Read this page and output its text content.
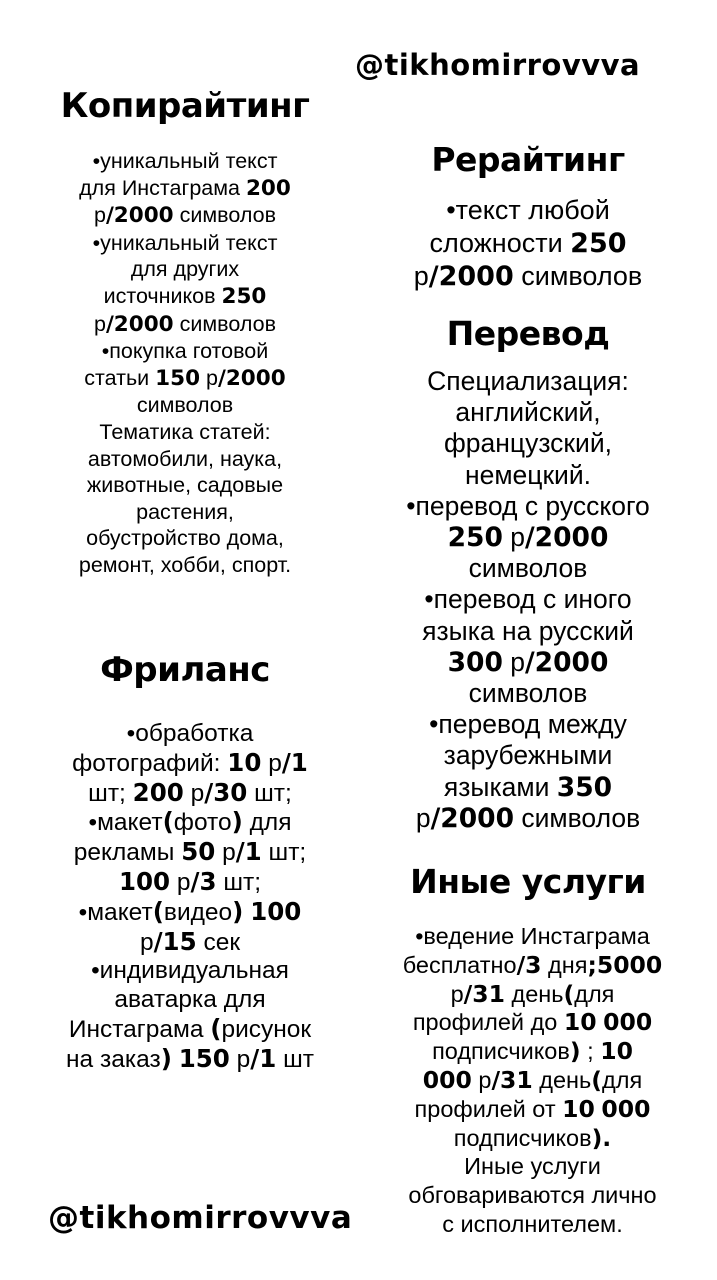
@tikhomirrovvva
Копирайтинг

•уникальный текст

для Инстаграма 200

р/2000 символов

•уникальный текст

для других

источников 250

р/2000 символов

•покупка готовой

статьи 150 р/2000

символов

Тематика статей:

автомобили, наука,

животные, садовые

растения,

обустройство дома,

ремонт, хобби, спорт.

Рерайтинг

•текст любой

сложности 250

р/2000 символов

Перевод

Специализация:

английский,

французский,

немецкий.

•перевод с русского

250 р/2000

символов

•перевод с иного

языка на русский

300 р/2000

символов

•перевод между

зарубежными

языками 350

р/2000 символов

Фриланс

•обработка

фотографий: 10 р/1

шт; 200 р/30 шт;

•макет(фото) для

рекламы 50 р/1 шт;

100 р/3 шт;

•макет(видео) 100

р/15 сек

•индивидуальная

аватарка для

Инстаграма (рисунок

на заказ) 150 р/1 шт

Иные услуги

•ведение Инстаграма

бесплатно/3 дня;5000

р/31 день(для

профилей до 10 000

подписчиков) ; 10

000 р/31 день(для

профилей от 10 000

подписчиков).

Иные услуги

обговариваются лично

с исполнителем.

@tikhomirrovvva
